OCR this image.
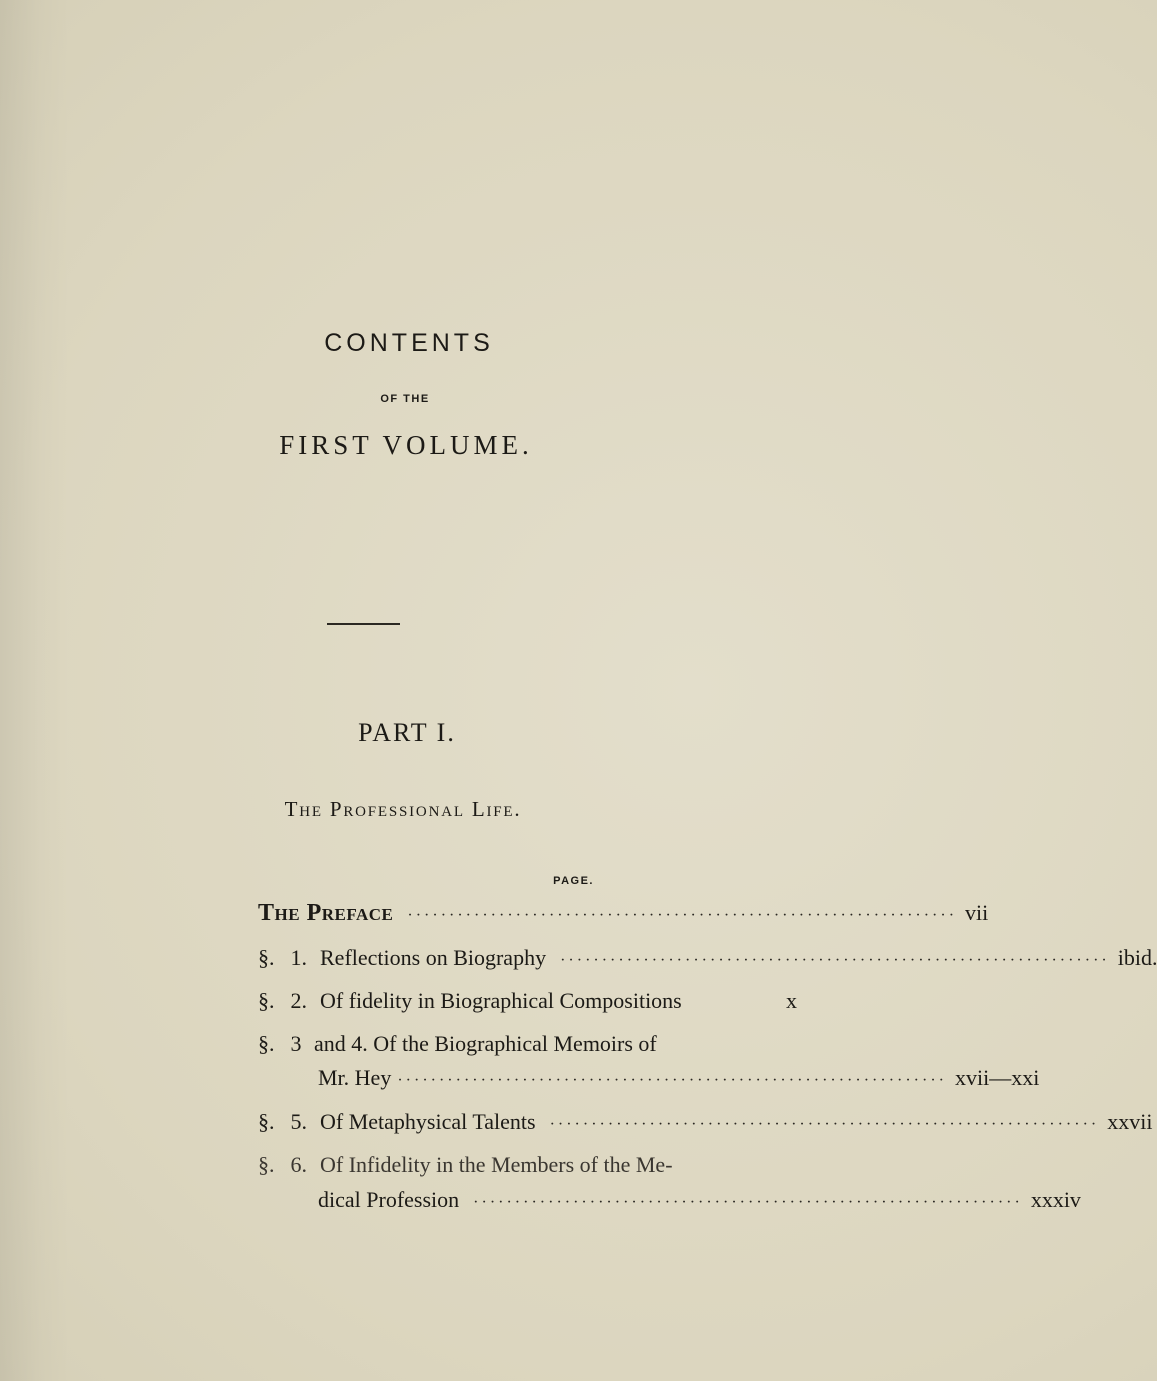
CONTENTS
OF THE
FIRST VOLUME.
PART I.
The Professional Life.
PAGE.
The Preface ·································································· vii
§. 1. Reflections on Biography ·································································· ibid.
§. 2. Of fidelity in Biographical Compositions	x
§. 3 and 4. Of the Biographical Memoirs of
Mr. Hey ·································································· xvii—xxi
§. 5. Of Metaphysical Talents ·································································· xxvii
§. 6. Of Infidelity in the Members of the Me-
dical Profession ·································································· xxxiv
